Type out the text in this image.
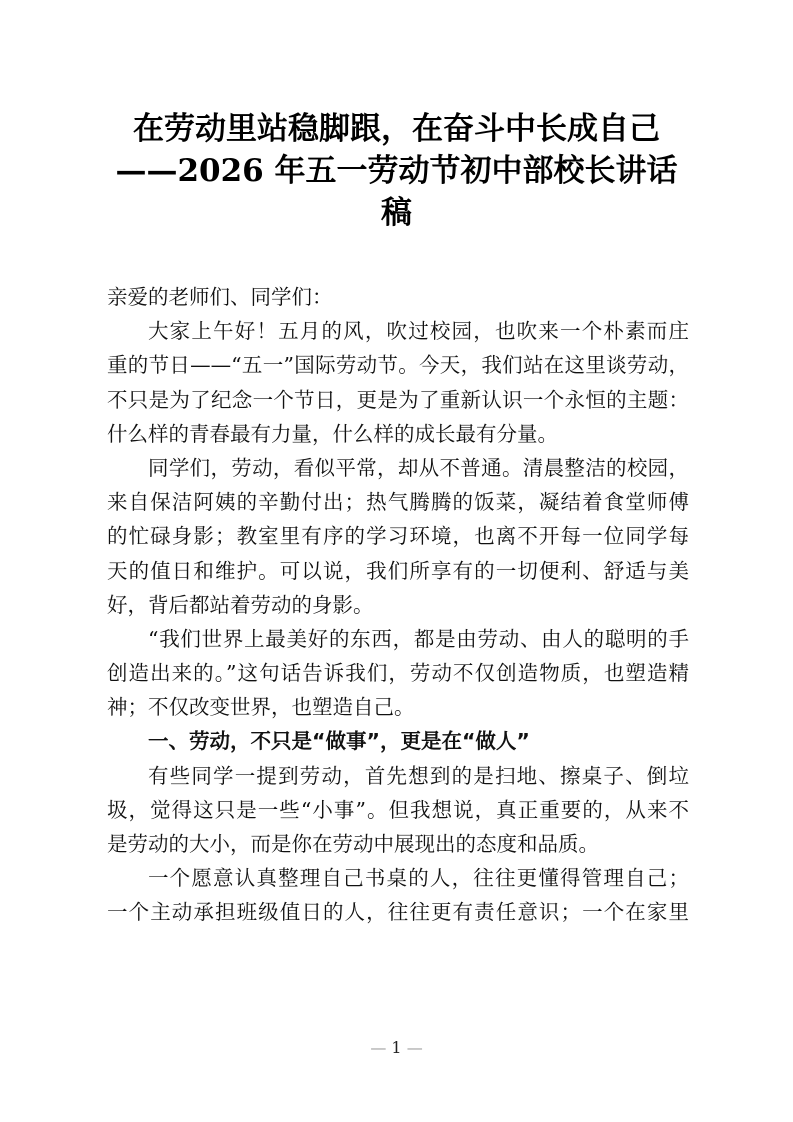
在劳动里站稳脚跟，在奋斗中长成自己
——2026 年五一劳动节初中部校长讲话
稿
亲爱的老师们、同学们：
大家上午好！五月的风，吹过校园，也吹来一个朴素而庄
重的节日——“五一”国际劳动节。今天，我们站在这里谈劳动，
不只是为了纪念一个节日，更是为了重新认识一个永恒的主题：
什么样的青春最有力量，什么样的成长最有分量。
同学们，劳动，看似平常，却从不普通。清晨整洁的校园，
来自保洁阿姨的辛勤付出；热气腾腾的饭菜，凝结着食堂师傅
的忙碌身影；教室里有序的学习环境，也离不开每一位同学每
天的值日和维护。可以说，我们所享有的一切便利、舒适与美
好，背后都站着劳动的身影。
“我们世界上最美好的东西，都是由劳动、由人的聪明的手
创造出来的。”这句话告诉我们，劳动不仅创造物质，也塑造精
神；不仅改变世界，也塑造自己。
一、劳动，不只是“做事”，更是在“做人”
有些同学一提到劳动，首先想到的是扫地、擦桌子、倒垃
圾，觉得这只是一些“小事”。但我想说，真正重要的，从来不
是劳动的大小，而是你在劳动中展现出的态度和品质。
一个愿意认真整理自己书桌的人，往往更懂得管理自己；
一个主动承担班级值日的人，往往更有责任意识；一个在家里
— 1 —
